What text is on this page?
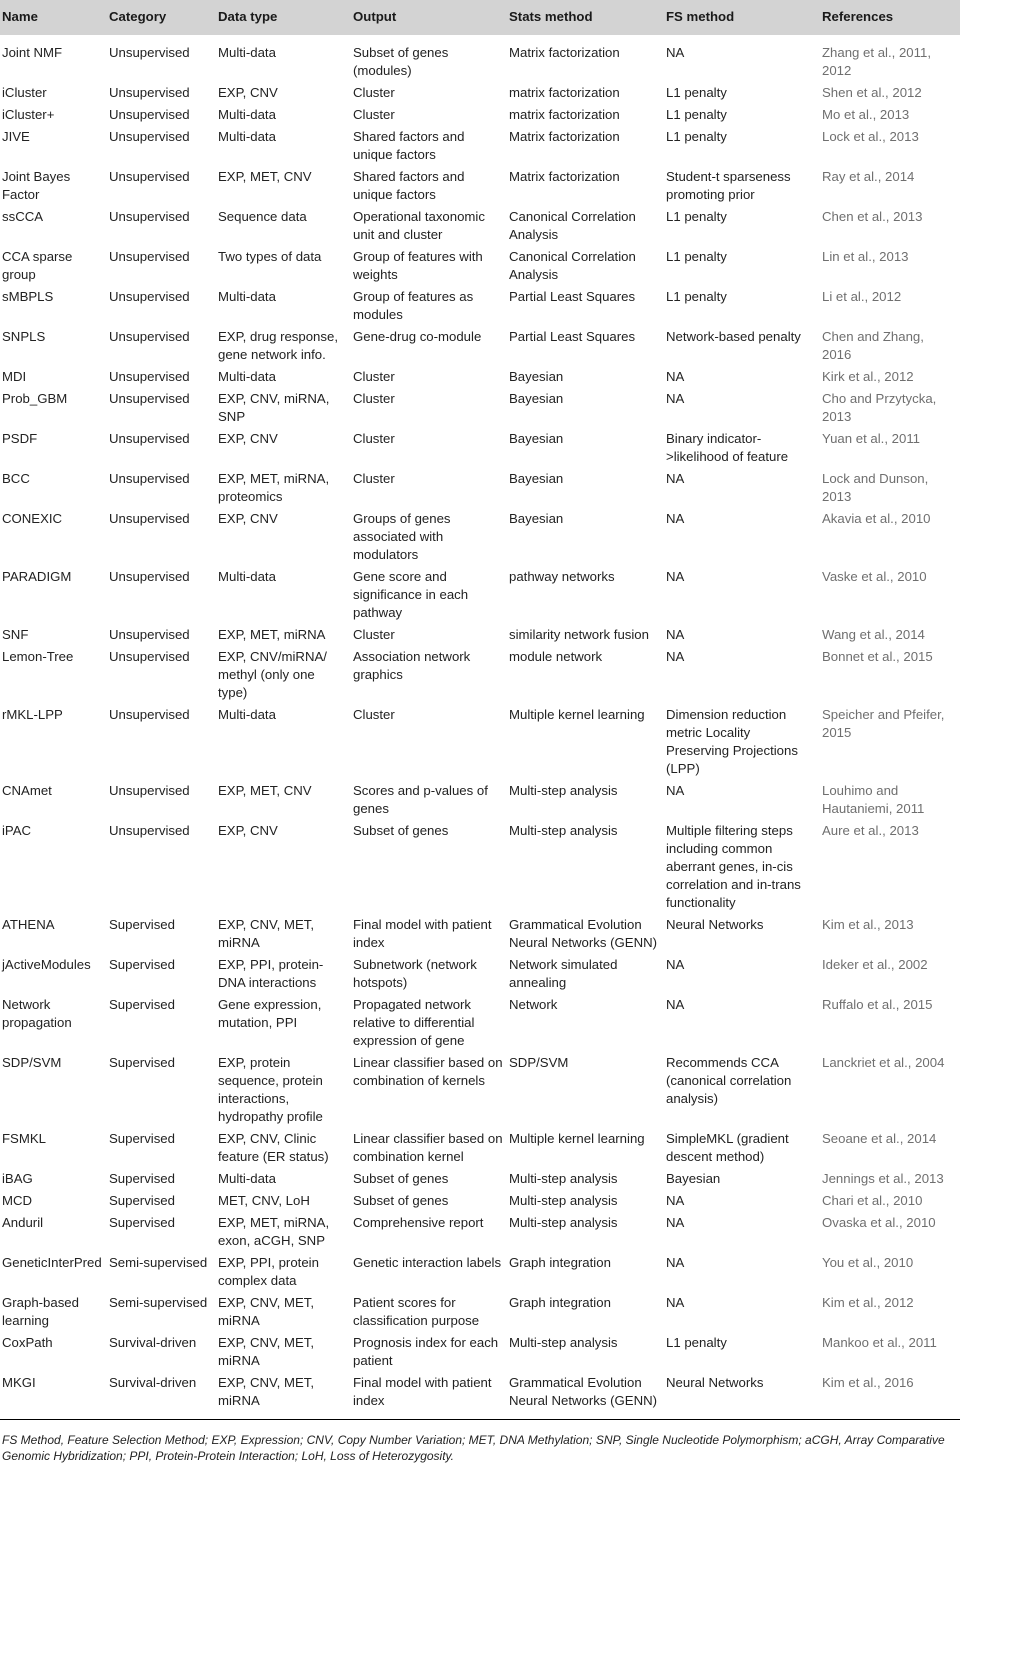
Name	Category	Data type	Output	Stats method	FS method	References
Joint NMF	Unsupervised	Multi-data	Subset of genes (modules)	Matrix factorization	NA	Zhang et al., 2011, 2012
iCluster	Unsupervised	EXP, CNV	Cluster	matrix factorization	L1 penalty	Shen et al., 2012
iCluster+	Unsupervised	Multi-data	Cluster	matrix factorization	L1 penalty	Mo et al., 2013
JIVE	Unsupervised	Multi-data	Shared factors and unique factors	Matrix factorization	L1 penalty	Lock et al., 2013
Joint Bayes Factor	Unsupervised	EXP, MET, CNV	Shared factors and unique factors	Matrix factorization	Student-t sparseness promoting prior	Ray et al., 2014
ssCCA	Unsupervised	Sequence data	Operational taxonomic unit and cluster	Canonical Correlation Analysis	L1 penalty	Chen et al., 2013
CCA sparse group	Unsupervised	Two types of data	Group of features with weights	Canonical Correlation Analysis	L1 penalty	Lin et al., 2013
sMBPLS	Unsupervised	Multi-data	Group of features as modules	Partial Least Squares	L1 penalty	Li et al., 2012
SNPLS	Unsupervised	EXP, drug response, gene network info.	Gene-drug co-module	Partial Least Squares	Network-based penalty	Chen and Zhang, 2016
MDI	Unsupervised	Multi-data	Cluster	Bayesian	NA	Kirk et al., 2012
Prob_GBM	Unsupervised	EXP, CNV, miRNA, SNP	Cluster	Bayesian	NA	Cho and Przytycka, 2013
PSDF	Unsupervised	EXP, CNV	Cluster	Bayesian	Binary indicator->likelihood of feature	Yuan et al., 2011
BCC	Unsupervised	EXP, MET, miRNA, proteomics	Cluster	Bayesian	NA	Lock and Dunson, 2013
CONEXIC	Unsupervised	EXP, CNV	Groups of genes associated with modulators	Bayesian	NA	Akavia et al., 2010
PARADIGM	Unsupervised	Multi-data	Gene score and significance in each pathway	pathway networks	NA	Vaske et al., 2010
SNF	Unsupervised	EXP, MET, miRNA	Cluster	similarity network fusion	NA	Wang et al., 2014
Lemon-Tree	Unsupervised	EXP, CNV/miRNA/ methyl (only one type)	Association network graphics	module network	NA	Bonnet et al., 2015
rMKL-LPP	Unsupervised	Multi-data	Cluster	Multiple kernel learning	Dimension reduction metric Locality Preserving Projections (LPP)	Speicher and Pfeifer, 2015
CNAmet	Unsupervised	EXP, MET, CNV	Scores and p-values of genes	Multi-step analysis	NA	Louhimo and Hautaniemi, 2011
iPAC	Unsupervised	EXP, CNV	Subset of genes	Multi-step analysis	Multiple filtering steps including common aberrant genes, in-cis correlation and in-trans functionality	Aure et al., 2013
ATHENA	Supervised	EXP, CNV, MET, miRNA	Final model with patient index	Grammatical Evolution Neural Networks (GENN)	Neural Networks	Kim et al., 2013
jActiveModules	Supervised	EXP, PPI, protein-DNA interactions	Subnetwork (network hotspots)	Network simulated annealing	NA	Ideker et al., 2002
Network propagation	Supervised	Gene expression, mutation, PPI	Propagated network relative to differential expression of gene	Network	NA	Ruffalo et al., 2015
SDP/SVM	Supervised	EXP, protein sequence, protein interactions, hydropathy profile	Linear classifier based on combination of kernels	SDP/SVM	Recommends CCA (canonical correlation analysis)	Lanckriet et al., 2004
FSMKL	Supervised	EXP, CNV, Clinic feature (ER status)	Linear classifier based on combination kernel	Multiple kernel learning	SimpleMKL (gradient descent method)	Seoane et al., 2014
iBAG	Supervised	Multi-data	Subset of genes	Multi-step analysis	Bayesian	Jennings et al., 2013
MCD	Supervised	MET, CNV, LoH	Subset of genes	Multi-step analysis	NA	Chari et al., 2010
Anduril	Supervised	EXP, MET, miRNA, exon, aCGH, SNP	Comprehensive report	Multi-step analysis	NA	Ovaska et al., 2010
GeneticInterPred	Semi-supervised	EXP, PPI, protein complex data	Genetic interaction labels	Graph integration	NA	You et al., 2010
Graph-based learning	Semi-supervised	EXP, CNV, MET, miRNA	Patient scores for classification purpose	Graph integration	NA	Kim et al., 2012
CoxPath	Survival-driven	EXP, CNV, MET, miRNA	Prognosis index for each patient	Multi-step analysis	L1 penalty	Mankoo et al., 2011
MKGI	Survival-driven	EXP, CNV, MET, miRNA	Final model with patient index	Grammatical Evolution Neural Networks (GENN)	Neural Networks	Kim et al., 2016
FS Method, Feature Selection Method; EXP, Expression; CNV, Copy Number Variation; MET, DNA Methylation; SNP, Single Nucleotide Polymorphism; aCGH, Array Comparative Genomic Hybridization; PPI, Protein-Protein Interaction; LoH, Loss of Heterozygosity.
